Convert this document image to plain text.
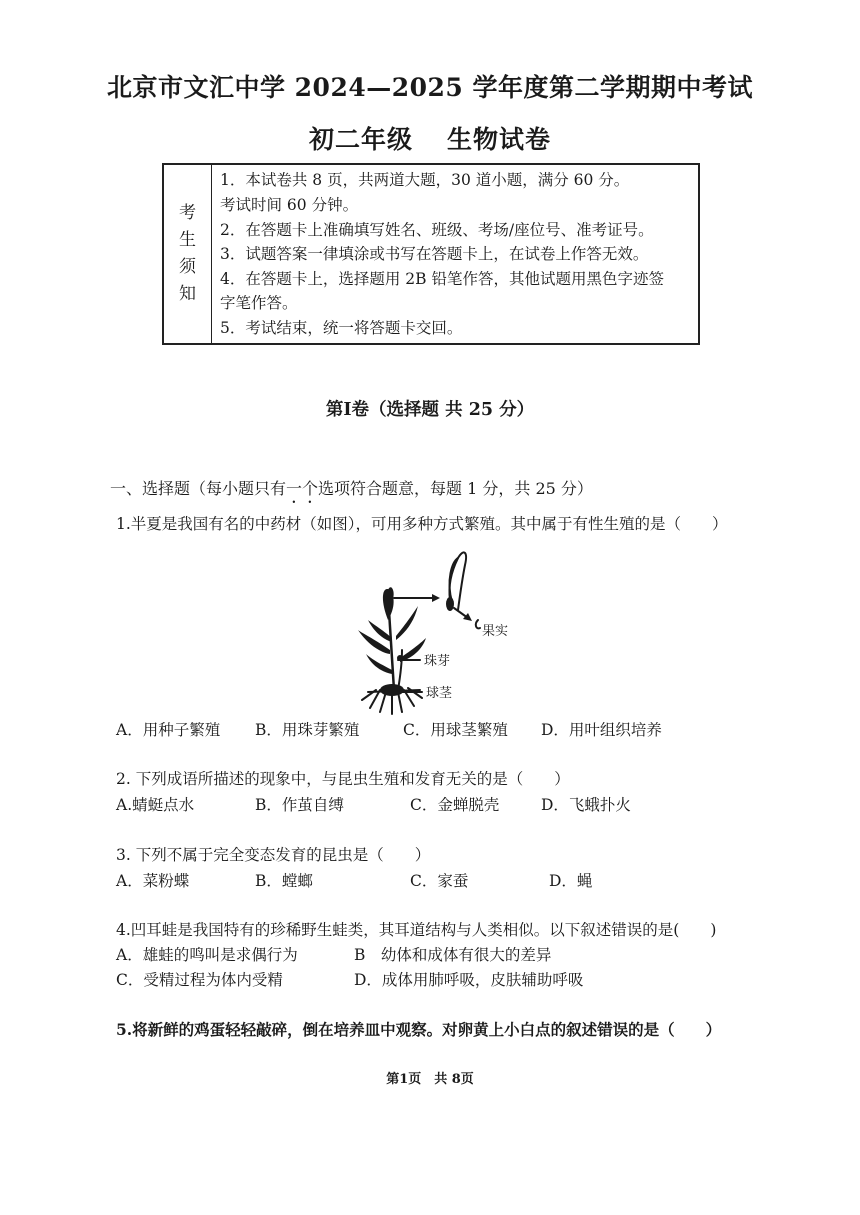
北京市文汇中学 2024—2025 学年度第二学期期中考试
初二年级 生物试卷
考
生
须
知

1．本试卷共 8 页，共两道大题，30 道小题，满分 60 分。
考试时间 60 分钟。
2．在答题卡上准确填写姓名、班级、考场/座位号、准考证号。
3．试题答案一律填涂或书写在答题卡上，在试卷上作答无效。
4．在答题卡上，选择题用 2B 铅笔作答，其他试题用黑色字迹签
字笔作答。
5．考试结束，统一将答题卡交回。
第Ⅰ卷（选择题 共 25 分）
一、选择题（每小题只有一个选项符合题意，每题 1 分，共 25 分）
1.半夏是我国有名的中药材（如图），可用多种方式繁殖。其中属于有性生殖的是（　　）
果实
珠芽
球茎
A．用种子繁殖 B．用珠芽繁殖	C．用球茎繁殖 D．用叶组织培养
2. 下列成语所描述的现象中，与昆虫生殖和发育无关的是（　　）
A.蜻蜓点水	B．作茧自缚	C．金蝉脱壳	D．飞蛾扑火
3. 下列不属于完全变态发育的昆虫是（　　）
A．菜粉蝶	B．螳螂	C．家蚕	D．蝇
4.凹耳蛙是我国特有的珍稀野生蛙类，其耳道结构与人类相似。以下叙述错误的是(　　)
A．雄蛙的鸣叫是求偶行为	B　幼体和成体有很大的差异
C．受精过程为体内受精	D．成体用肺呼吸，皮肤辅助呼吸
5.将新鲜的鸡蛋轻轻敲碎，倒在培养皿中观察。对卵黄上小白点的叙述错误的是（　　）
第1页　共 8页
